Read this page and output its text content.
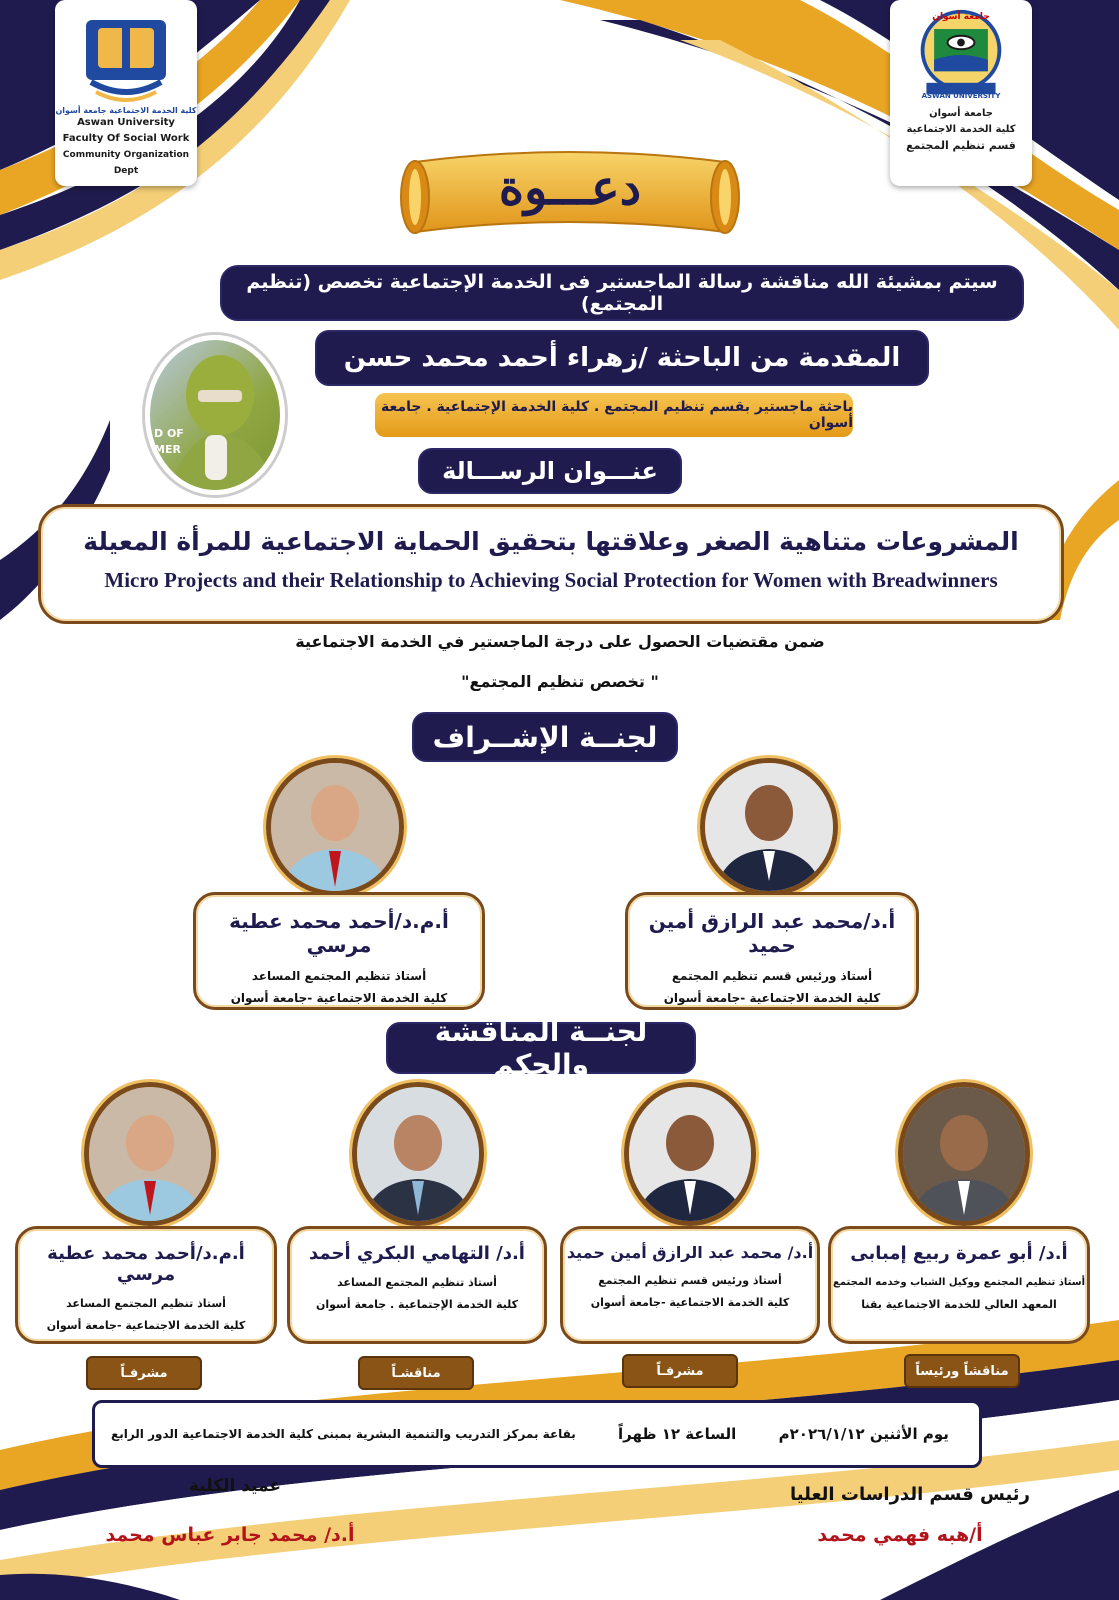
كلية الخدمة الاجتماعية جامعة أسوان
Aswan University
Faculty Of Social Work
Community Organization Dept
ASWAN UNIVERSITY
جامعة أسوان
جامعة أسوان
كلية الخدمة الاجتماعية
قسم تنظيم المجتمع
دعـــوة
سيتم بمشيئة الله مناقشة رسالة الماجستير فى الخدمة الإجتماعية تخصص (تنظيم المجتمع)
المقدمة من الباحثة /زهراء أحمد محمد حسن
باحثة ماجستير بقسم تنظيم المجتمع . كلية الخدمة الإجتماعية . جامعة أسوان
D OF MER
عنـــوان الرســـالة
المشروعات متناهية الصغر وعلاقتها بتحقيق الحماية الاجتماعية للمرأة المعيلة
Micro Projects and their Relationship to Achieving Social Protection for Women with Breadwinners
ضمن مقتضيات الحصول على درجة الماجستير في الخدمة الاجتماعية
" تخصص تنظيم المجتمع"
لجنــة الإشــراف
أ.د/محمد عبد الرازق أمين حميد
أستاذ ورئيس قسم تنظيم المجتمع
كلية الخدمة الاجتماعية -جامعة أسوان
أ.م.د/أحمد محمد عطية مرسي
أستاذ تنظيم المجتمع المساعد
كلية الخدمة الاجتماعية -جامعة أسوان
لجنــة المناقشة والحكم
أ.د/ أبو عمرة ربيع إمبابى
أستاذ تنظيم المجتمع ووكيل الشباب وخدمه المجتمع
المعهد العالي للخدمة الاجتماعية بقنا
أ.د/ محمد عبد الرازق أمين حميد
أستاذ ورئيس قسم تنظيم المجتمع
كلية الخدمة الاجتماعية -جامعة أسوان
أ.د/ التهامي البكري أحمد
أستاذ تنظيم المجتمع المساعد
كلية الخدمة الإجتماعية . جامعة أسوان
أ.م.د/أحمد محمد عطية مرسي
أستاذ تنظيم المجتمع المساعد
كلية الخدمة الاجتماعية -جامعة أسوان
مناقشاً ورئيساً
مشرفـاً
مناقشـاً
مشرفـاً
يوم الأثنين ٢٠٢٦/١/١٢م
الساعة ١٢ ظهراً
بقاعة بمركز التدريب والتنمية البشرية بمبنى كلية الخدمة الاجتماعية الدور الرابع
عميد الكلية
أ.د/ محمد جابر عباس محمد
رئيس قسم الدراسات العليا
أ/هبه فهمي محمد
